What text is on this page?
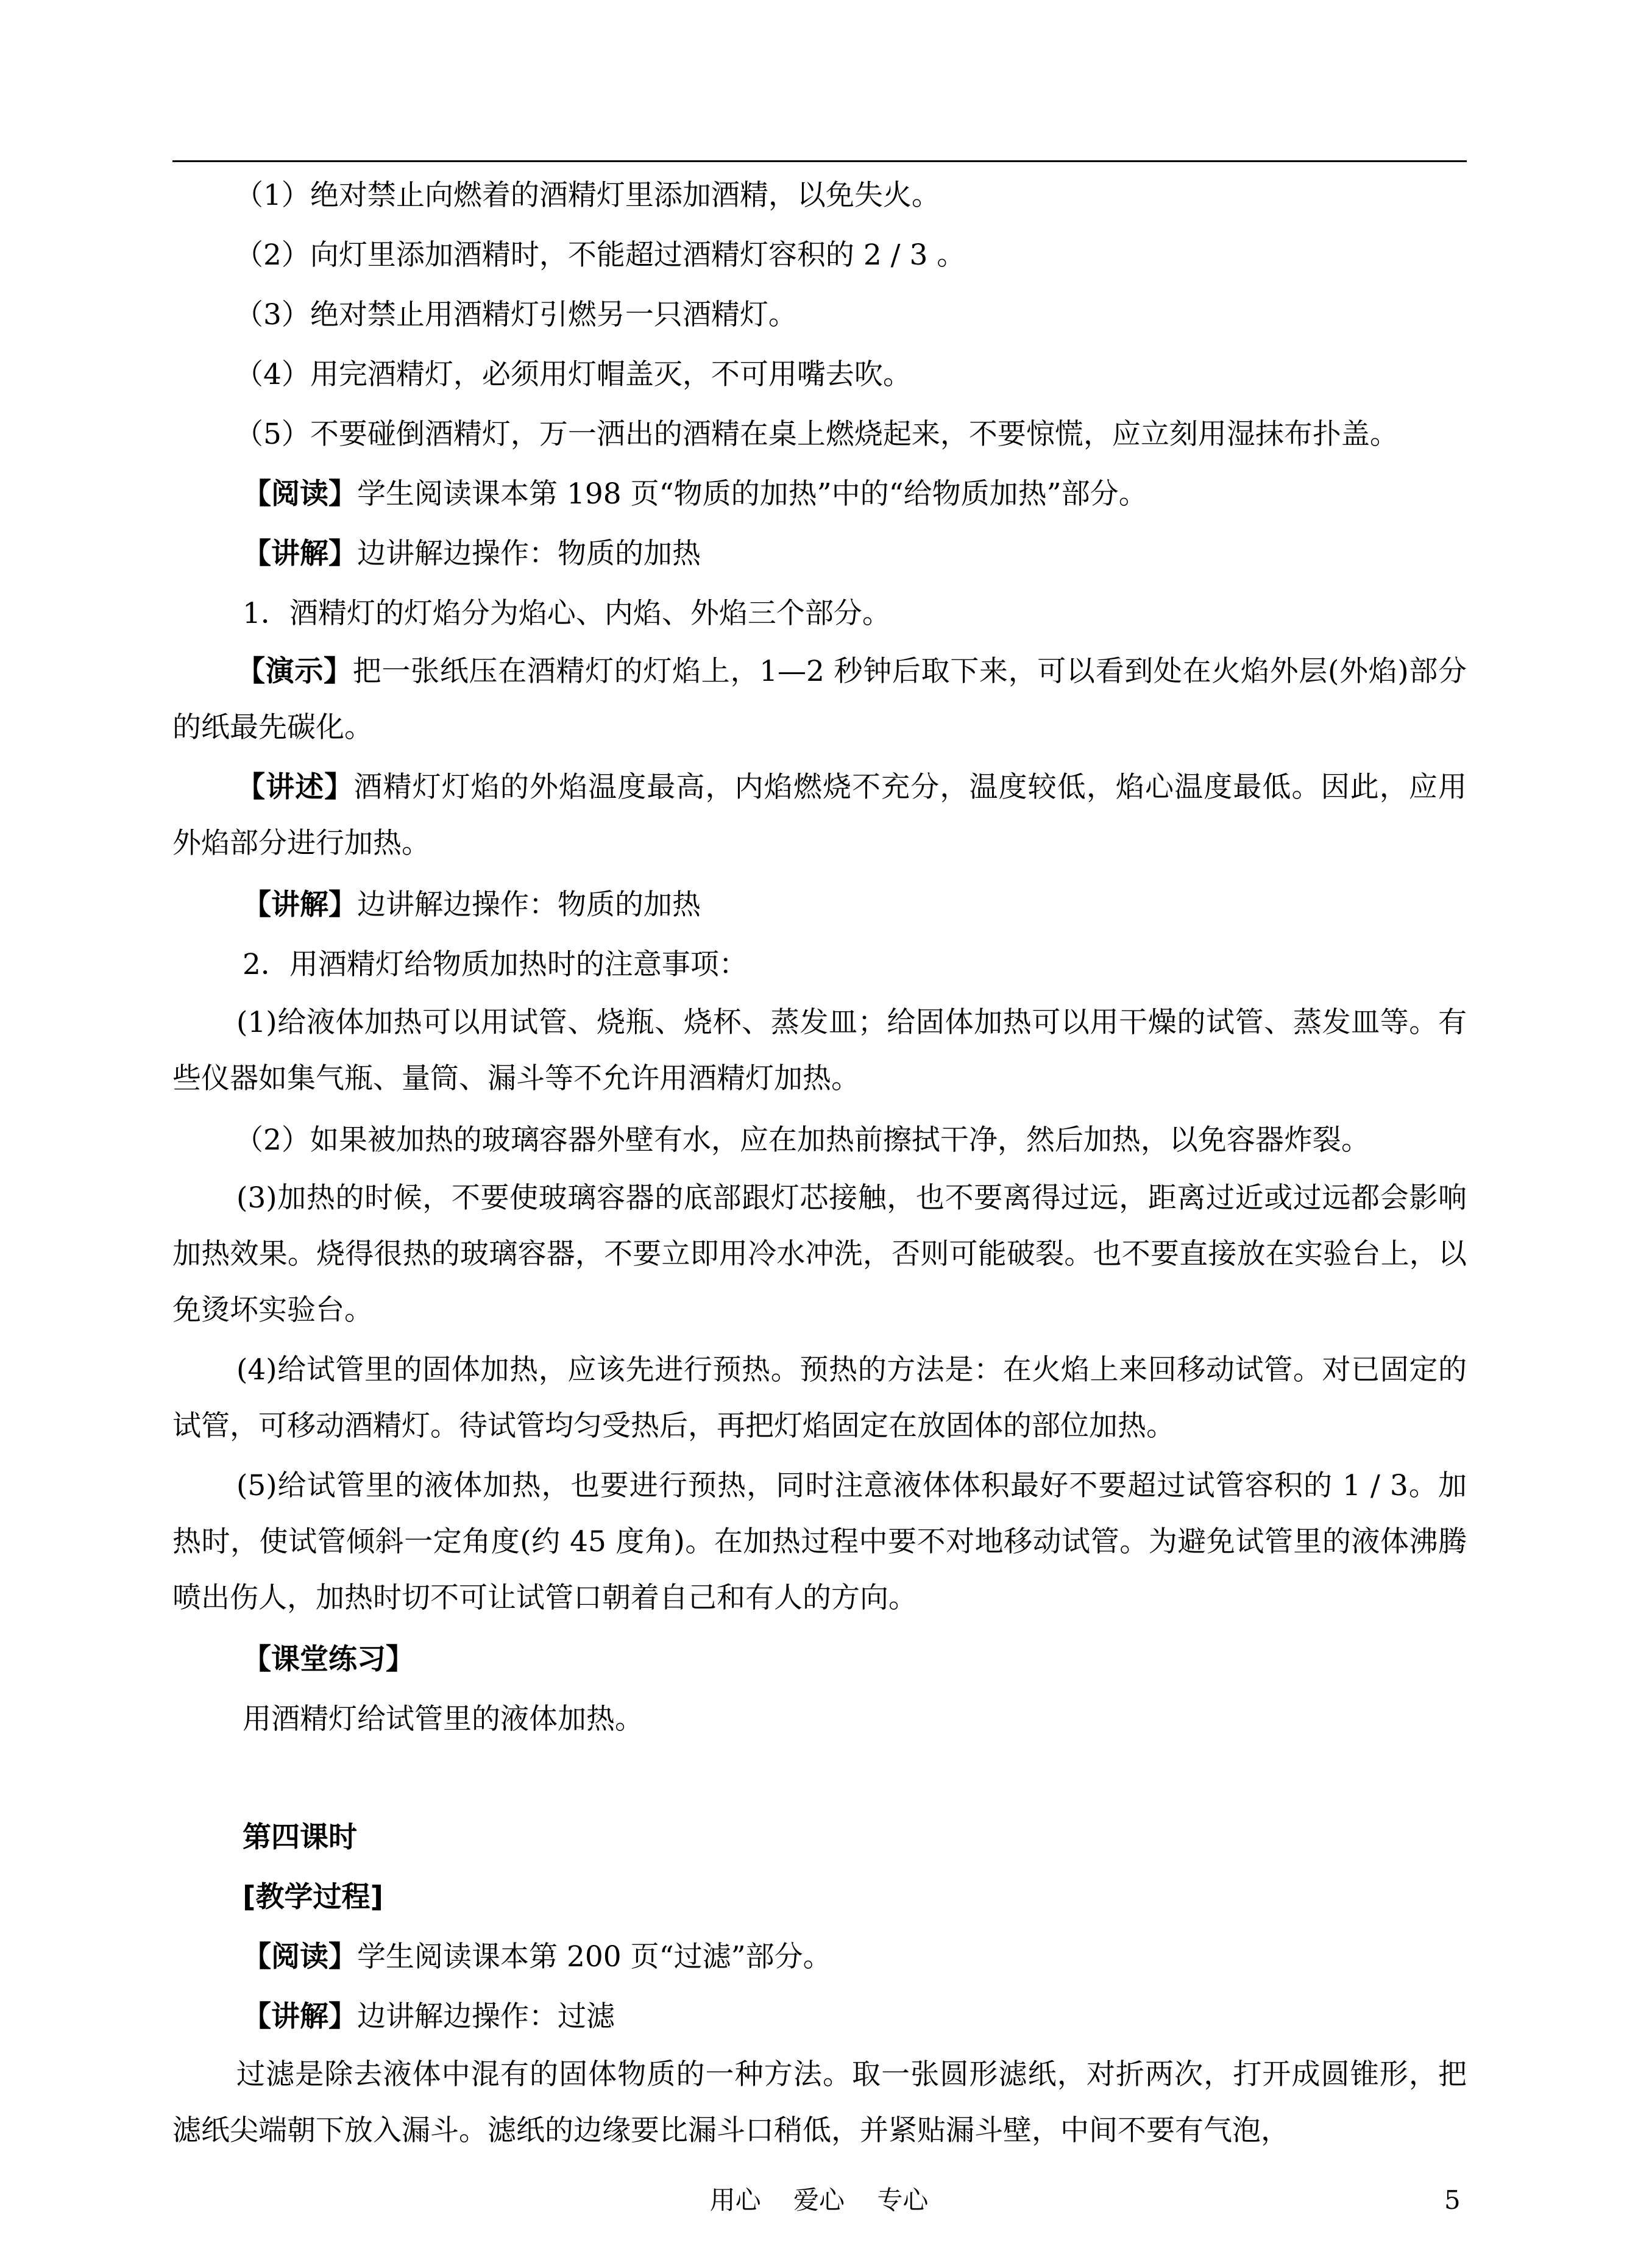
（1）绝对禁止向燃着的酒精灯里添加酒精，以免失火。

（2）向灯里添加酒精时，不能超过酒精灯容积的 2 / 3 。

（3）绝对禁止用酒精灯引燃另一只酒精灯。

（4）用完酒精灯，必须用灯帽盖灭，不可用嘴去吹。

（5）不要碰倒酒精灯，万一洒出的酒精在桌上燃烧起来，不要惊慌，应立刻用湿抹布扑盖。

【阅读】学生阅读课本第 198 页“物质的加热”中的“给物质加热”部分。

【讲解】边讲解边操作：物质的加热

1．酒精灯的灯焰分为焰心、内焰、外焰三个部分。

【演示】把一张纸压在酒精灯的灯焰上，1—2 秒钟后取下来，可以看到处在火焰外层(外焰)部分的纸最先碳化。

【讲述】酒精灯灯焰的外焰温度最高，内焰燃烧不充分，温度较低，焰心温度最低。因此，应用外焰部分进行加热。

【讲解】边讲解边操作：物质的加热

2．用酒精灯给物质加热时的注意事项：

(1)给液体加热可以用试管、烧瓶、烧杯、蒸发皿；给固体加热可以用干燥的试管、蒸发皿等。有些仪器如集气瓶、量筒、漏斗等不允许用酒精灯加热。

（2）如果被加热的玻璃容器外壁有水，应在加热前擦拭干净，然后加热，以免容器炸裂。

(3)加热的时候，不要使玻璃容器的底部跟灯芯接触，也不要离得过远，距离过近或过远都会影响加热效果。烧得很热的玻璃容器，不要立即用冷水冲洗，否则可能破裂。也不要直接放在实验台上，以免烫坏实验台。

(4)给试管里的固体加热，应该先进行预热。预热的方法是：在火焰上来回移动试管。对已固定的试管，可移动酒精灯。待试管均匀受热后，再把灯焰固定在放固体的部位加热。

(5)给试管里的液体加热，也要进行预热，同时注意液体体积最好不要超过试管容积的 1 / 3。加热时，使试管倾斜一定角度(约 45 度角)。在加热过程中要不对地移动试管。为避免试管里的液体沸腾喷出伤人，加热时切不可让试管口朝着自己和有人的方向。

【课堂练习】

用酒精灯给试管里的液体加热。

第四课时

[教学过程]

【阅读】学生阅读课本第 200 页“过滤”部分。

【讲解】边讲解边操作：过滤

过滤是除去液体中混有的固体物质的一种方法。取一张圆形滤纸，对折两次，打开成圆锥形，把滤纸尖端朝下放入漏斗。滤纸的边缘要比漏斗口稍低，并紧贴漏斗壁，中间不要有气泡，

用心 爱心 专心	5
